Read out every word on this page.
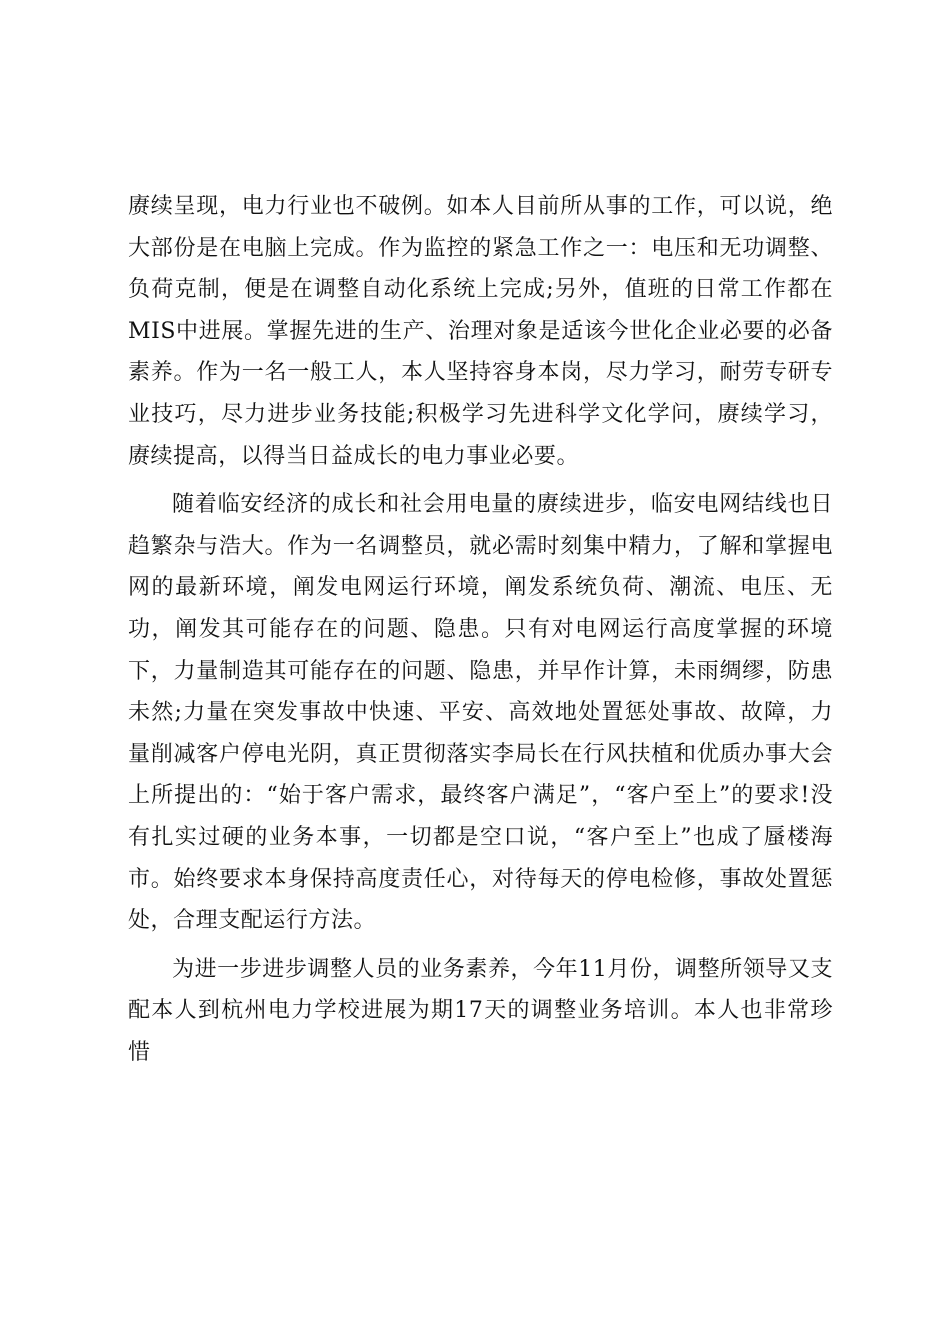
赓续呈现，电力行业也不破例。如本人目前所从事的工作，可以说，绝大部份是在电脑上完成。作为监控的紧急工作之一：电压和无功调整、负荷克制，便是在调整自动化系统上完成;另外，值班的日常工作都在MIS中进展。掌握先进的生产、治理对象是适该今世化企业必要的必备素养。作为一名一般工人，本人坚持容身本岗，尽力学习，耐劳专研专业技巧，尽力进步业务技能;积极学习先进科学文化学问，赓续学习，赓续提高，以得当日益成长的电力事业必要。

随着临安经济的成长和社会用电量的赓续进步，临安电网结线也日趋繁杂与浩大。作为一名调整员，就必需时刻集中精力，了解和掌握电网的最新环境，阐发电网运行环境，阐发系统负荷、潮流、电压、无功，阐发其可能存在的问题、隐患。只有对电网运行高度掌握的环境下，力量制造其可能存在的问题、隐患，并早作计算，未雨绸缪，防患未然;力量在突发事故中快速、平安、高效地处置惩处事故、故障，力量削减客户停电光阴，真正贯彻落实李局长在行风扶植和优质办事大会上所提出的：“始于客户需求，最终客户满足”，“客户至上”的要求!没有扎实过硬的业务本事，一切都是空口说，“客户至上”也成了蜃楼海市。始终要求本身保持高度责任心，对待每天的停电检修，事故处置惩处，合理支配运行方法。

为进一步进步调整人员的业务素养，今年11月份，调整所领导又支配本人到杭州电力学校进展为期17天的调整业务培训。本人也非常珍惜
